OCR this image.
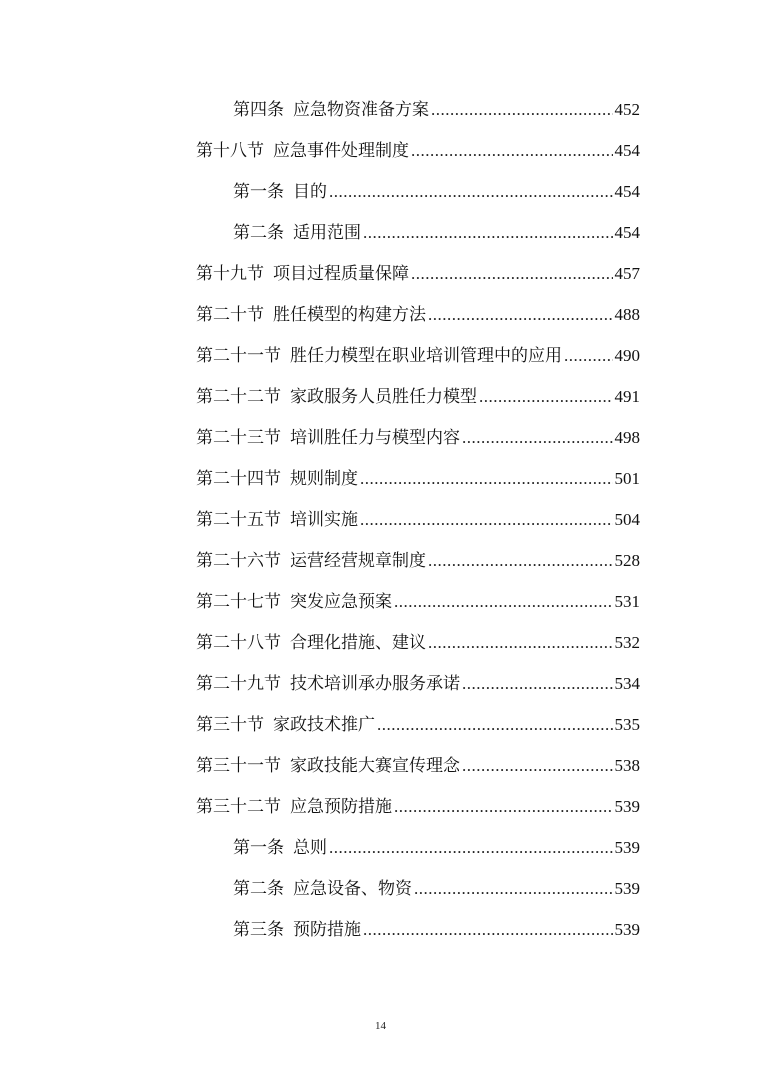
第四条 应急物资准备方案 .....	452
第十八节 应急事件处理制度 .....	454
第一条 目的 .....	454
第二条 适用范围 .....	454
第十九节 项目过程质量保障 .....	457
第二十节 胜任模型的构建方法 .....	488
第二十一节 胜任力模型在职业培训管理中的应用 .....	490
第二十二节 家政服务人员胜任力模型 .....	491
第二十三节 培训胜任力与模型内容 .....	498
第二十四节 规则制度 .....	501
第二十五节 培训实施 .....	504
第二十六节 运营经营规章制度 .....	528
第二十七节 突发应急预案 .....	531
第二十八节 合理化措施、建议 .....	532
第二十九节 技术培训承办服务承诺 .....	534
第三十节 家政技术推广 .....	535
第三十一节 家政技能大赛宣传理念 .....	538
第三十二节 应急预防措施 .....	539
第一条 总则 .....	539
第二条 应急设备、物资 .....	539
第三条 预防措施 .....	539
14
